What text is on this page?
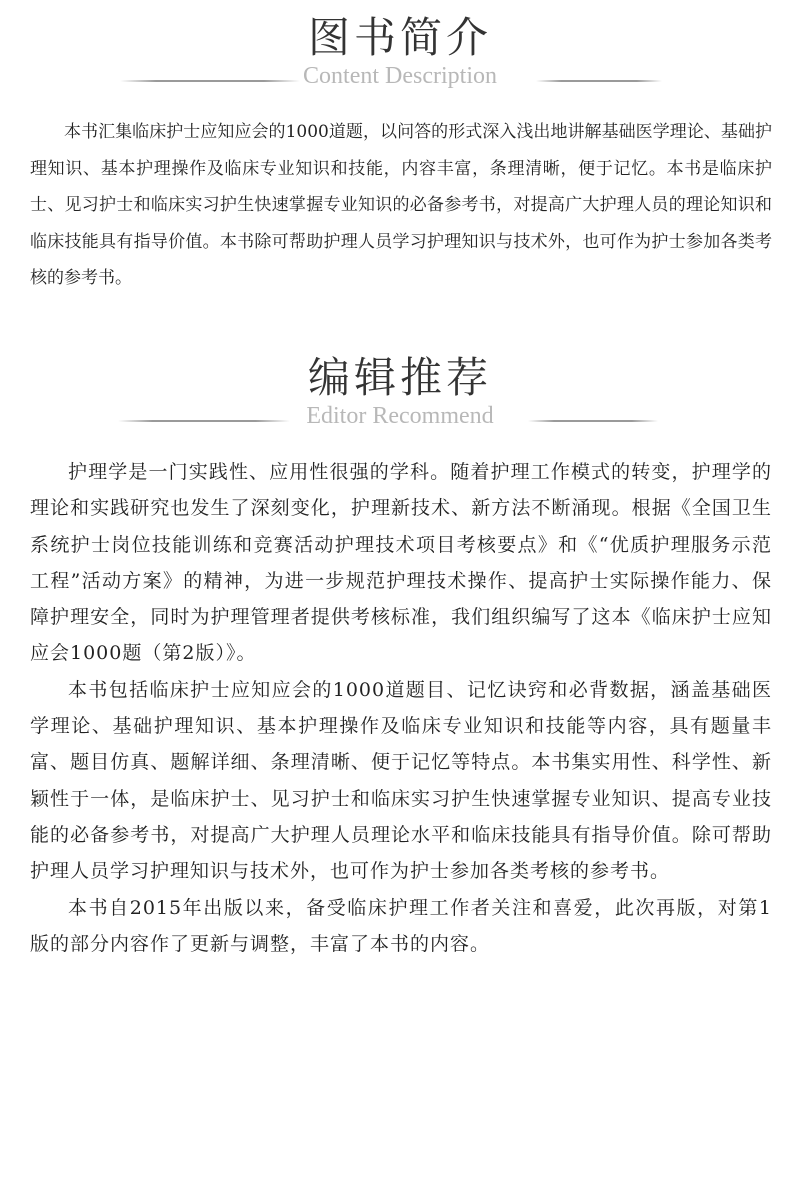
图书简介
Content Description

本书汇集临床护士应知应会的1000道题，以问答的形式深入浅出地讲解基础医学理论、基础护理知识、基本护理操作及临床专业知识和技能，内容丰富，条理清晰，便于记忆。本书是临床护士、见习护士和临床实习护生快速掌握专业知识的必备参考书，对提高广大护理人员的理论知识和临床技能具有指导价值。本书除可帮助护理人员学习护理知识与技术外，也可作为护士参加各类考核的参考书。

编辑推荐
Editor Recommend

护理学是一门实践性、应用性很强的学科。随着护理工作模式的转变，护理学的理论和实践研究也发生了深刻变化，护理新技术、新方法不断涌现。根据《全国卫生系统护士岗位技能训练和竞赛活动护理技术项目考核要点》和《“优质护理服务示范工程”活动方案》的精神，为进一步规范护理技术操作、提高护士实际操作能力、保障护理安全，同时为护理管理者提供考核标准，我们组织编写了这本《临床护士应知应会1000题（第2版）》。

本书包括临床护士应知应会的1000道题目、记忆诀窍和必背数据，涵盖基础医学理论、基础护理知识、基本护理操作及临床专业知识和技能等内容，具有题量丰富、题目仿真、题解详细、条理清晰、便于记忆等特点。本书集实用性、科学性、新颖性于一体，是临床护士、见习护士和临床实习护生快速掌握专业知识、提高专业技能的必备参考书，对提高广大护理人员理论水平和临床技能具有指导价值。除可帮助护理人员学习护理知识与技术外，也可作为护士参加各类考核的参考书。

本书自2015年出版以来，备受临床护理工作者关注和喜爱，此次再版，对第1版的部分内容作了更新与调整，丰富了本书的内容。
